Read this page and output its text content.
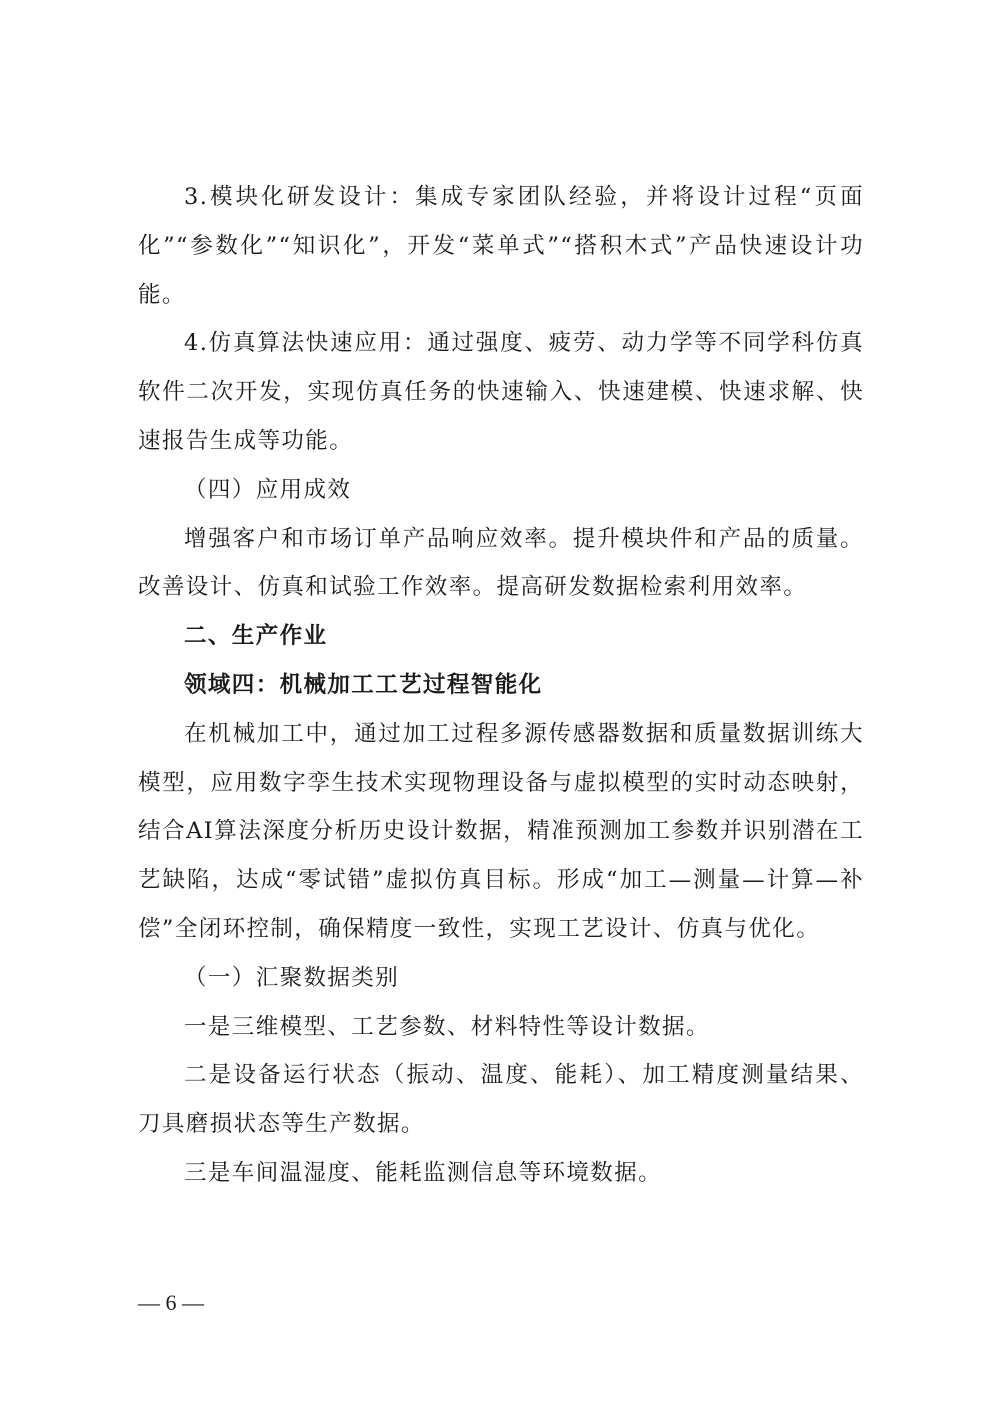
3.模块化研发设计：集成专家团队经验，并将设计过程“页面化”“参数化”“知识化”，开发“菜单式”“搭积木式”产品快速设计功能。

4.仿真算法快速应用：通过强度、疲劳、动力学等不同学科仿真软件二次开发，实现仿真任务的快速输入、快速建模、快速求解、快速报告生成等功能。

（四）应用成效

增强客户和市场订单产品响应效率。提升模块件和产品的质量。改善设计、仿真和试验工作效率。提高研发数据检索利用效率。

二、生产作业

领域四：机械加工工艺过程智能化

在机械加工中，通过加工过程多源传感器数据和质量数据训练大模型，应用数字孪生技术实现物理设备与虚拟模型的实时动态映射，结合AI算法深度分析历史设计数据，精准预测加工参数并识别潜在工艺缺陷，达成“零试错”虚拟仿真目标。形成“加工—测量—计算—补偿”全闭环控制，确保精度一致性，实现工艺设计、仿真与优化。

（一）汇聚数据类别

一是三维模型、工艺参数、材料特性等设计数据。

二是设备运行状态（振动、温度、能耗）、加工精度测量结果、刀具磨损状态等生产数据。

三是车间温湿度、能耗监测信息等环境数据。

— 6 —
